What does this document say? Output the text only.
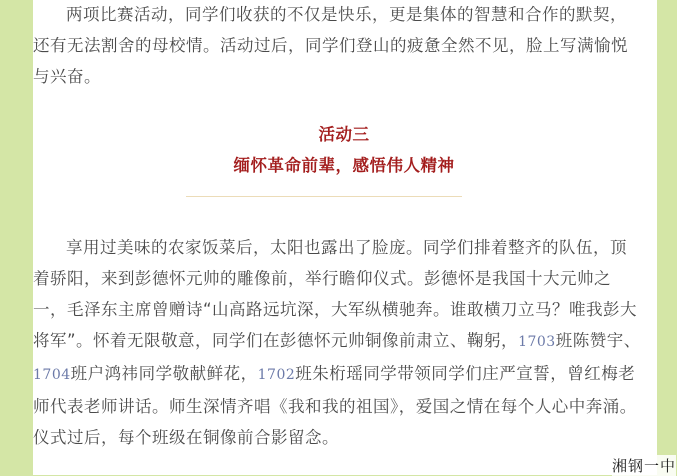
两项比赛活动，同学们收获的不仅是快乐，更是集体的智慧和合作的默契，还有无法割舍的母校情。活动过后，同学们登山的疲惫全然不见，脸上写满愉悦与兴奋。

活动三
缅怀革命前辈，感悟伟人精神

享用过美味的农家饭菜后，太阳也露出了脸庞。同学们排着整齐的队伍，顶着骄阳，来到彭德怀元帅的雕像前，举行瞻仰仪式。彭德怀是我国十大元帅之一，毛泽东主席曾赠诗“山高路远坑深，大军纵横驰奔。谁敢横刀立马？唯我彭大将军”。怀着无限敬意，同学们在彭德怀元帅铜像前肃立、鞠躬，1703班陈赞宇、1704班户鸿祎同学敬献鲜花，1702班朱桁瑶同学带领同学们庄严宣誓，曾红梅老师代表老师讲话。师生深情齐唱《我和我的祖国》，爱国之情在每个人心中奔涌。仪式过后，每个班级在铜像前合影留念。

湘钢一中
